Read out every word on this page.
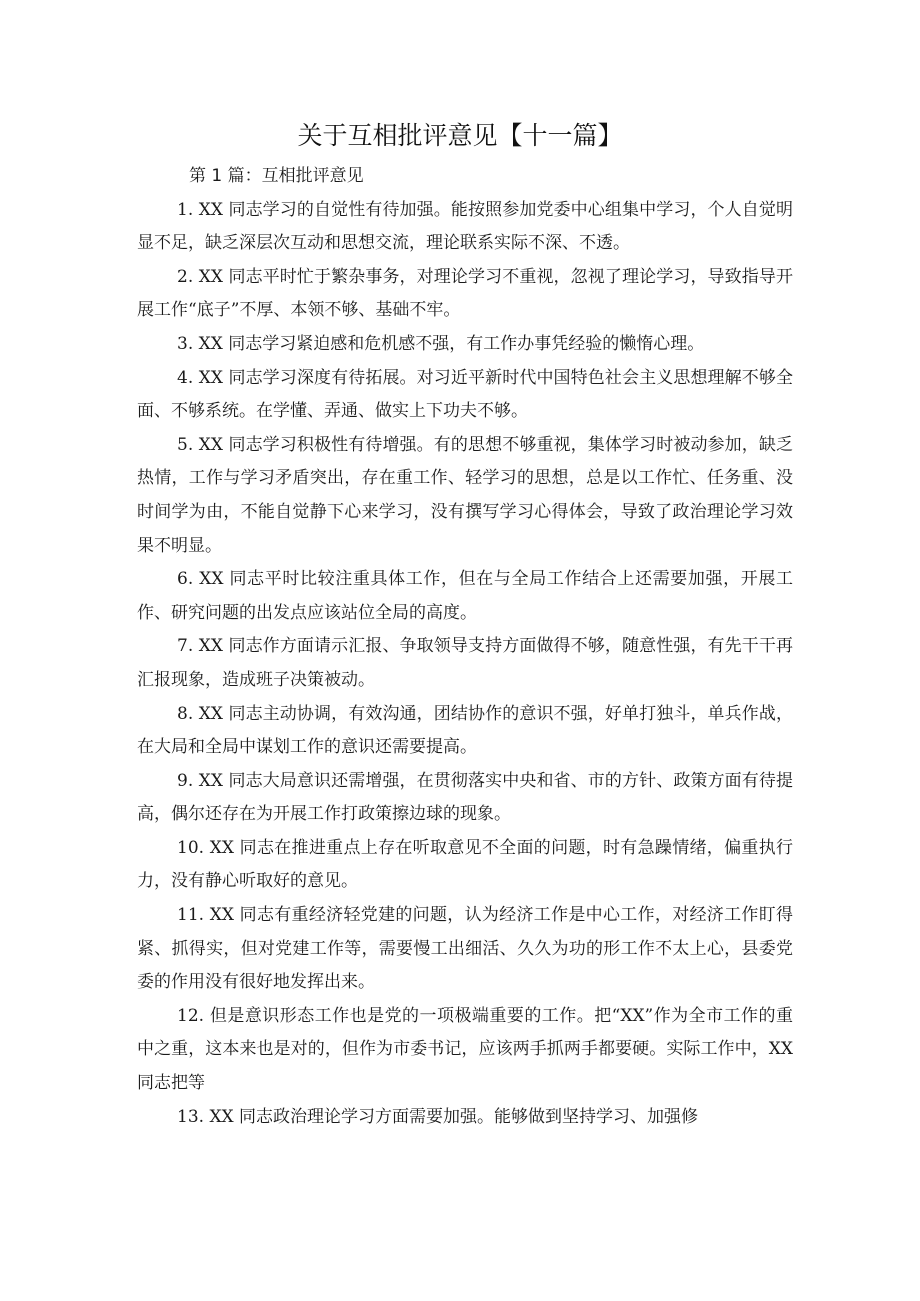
关于互相批评意见【十一篇】

第 1 篇：互相批评意见

1. XX 同志学习的自觉性有待加强。能按照参加党委中心组集中学习，个人自觉明显不足，缺乏深层次互动和思想交流，理论联系实际不深、不透。

2. XX 同志平时忙于繁杂事务，对理论学习不重视，忽视了理论学习，导致指导开展工作“底子”不厚、本领不够、基础不牢。

3. XX 同志学习紧迫感和危机感不强，有工作办事凭经验的懒惰心理。

4. XX 同志学习深度有待拓展。对习近平新时代中国特色社会主义思想理解不够全面、不够系统。在学懂、弄通、做实上下功夫不够。

5. XX 同志学习积极性有待增强。有的思想不够重视，集体学习时被动参加，缺乏热情，工作与学习矛盾突出，存在重工作、轻学习的思想，总是以工作忙、任务重、没时间学为由，不能自觉静下心来学习，没有撰写学习心得体会，导致了政治理论学习效果不明显。

6. XX 同志平时比较注重具体工作，但在与全局工作结合上还需要加强，开展工作、研究问题的出发点应该站位全局的高度。

7. XX 同志作方面请示汇报、争取领导支持方面做得不够，随意性强，有先干干再汇报现象，造成班子决策被动。

8. XX 同志主动协调，有效沟通，团结协作的意识不强，好单打独斗，单兵作战，在大局和全局中谋划工作的意识还需要提高。

9. XX 同志大局意识还需增强，在贯彻落实中央和省、市的方针、政策方面有待提高，偶尔还存在为开展工作打政策擦边球的现象。

10. XX 同志在推进重点上存在听取意见不全面的问题，时有急躁情绪，偏重执行力，没有静心听取好的意见。

11. XX 同志有重经济轻党建的问题，认为经济工作是中心工作，对经济工作盯得紧、抓得实，但对党建工作等，需要慢工出细活、久久为功的形工作不太上心，县委党委的作用没有很好地发挥出来。

12. 但是意识形态工作也是党的一项极端重要的工作。把“XX”作为全市工作的重中之重，这本来也是对的，但作为市委书记，应该两手抓两手都要硬。实际工作中，XX 同志把等

13. XX 同志政治理论学习方面需要加强。能够做到坚持学习、加强修
